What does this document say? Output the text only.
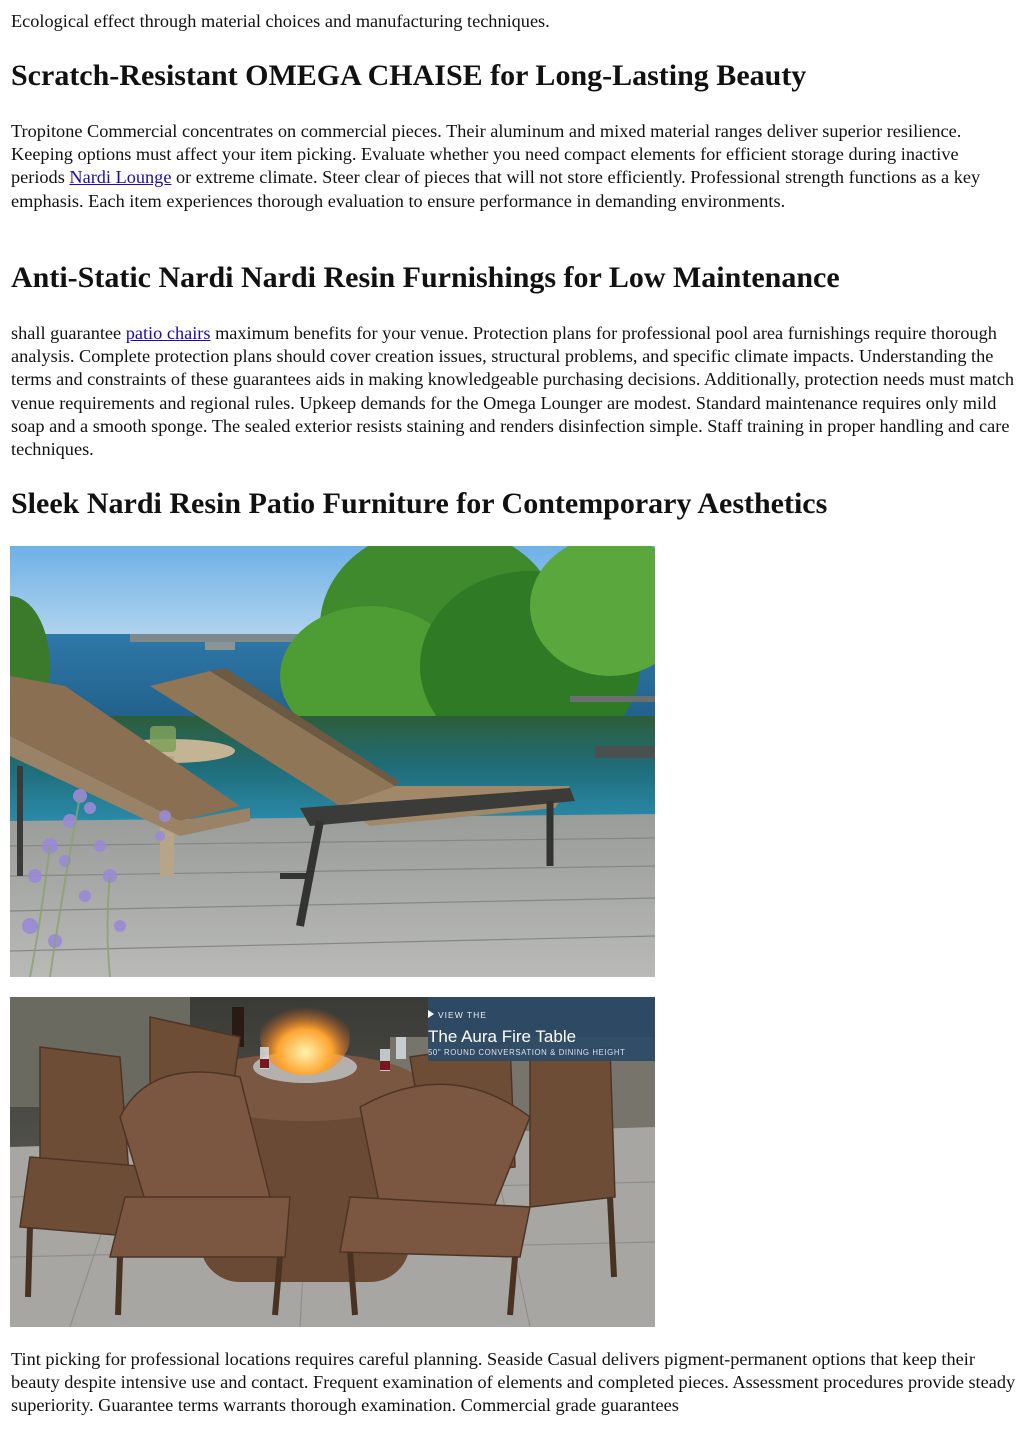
Ecological effect through material choices and manufacturing techniques.

Scratch-Resistant OMEGA CHAISE for Long-Lasting Beauty

Tropitone Commercial concentrates on commercial pieces. Their aluminum and mixed material ranges deliver superior resilience. Keeping options must affect your item picking. Evaluate whether you need compact elements for efficient storage during inactive periods Nardi Lounge or extreme climate. Steer clear of pieces that will not store efficiently. Professional strength functions as a key emphasis. Each item experiences thorough evaluation to ensure performance in demanding environments.

Anti-Static Nardi Nardi Resin Furnishings for Low Maintenance

shall guarantee patio chairs maximum benefits for your venue. Protection plans for professional pool area furnishings require thorough analysis. Complete protection plans should cover creation issues, structural problems, and specific climate impacts. Understanding the terms and constraints of these guarantees aids in making knowledgeable purchasing decisions. Additionally, protection needs must match venue requirements and regional rules. Upkeep demands for the Omega Lounger are modest. Standard maintenance requires only mild soap and a smooth sponge. The sealed exterior resists staining and renders disinfection simple. Staff training in proper handling and care techniques.

Sleek Nardi Resin Patio Furniture for Contemporary Aesthetics
VIEW THE
The Aura Fire Table
50" ROUND CONVERSATION & DINING HEIGHT

Tint picking for professional locations requires careful planning. Seaside Casual delivers pigment-permanent options that keep their beauty despite intensive use and contact. Frequent examination of elements and completed pieces. Assessment procedures provide steady superiority. Guarantee terms warrants thorough examination. Commercial grade guarantees
